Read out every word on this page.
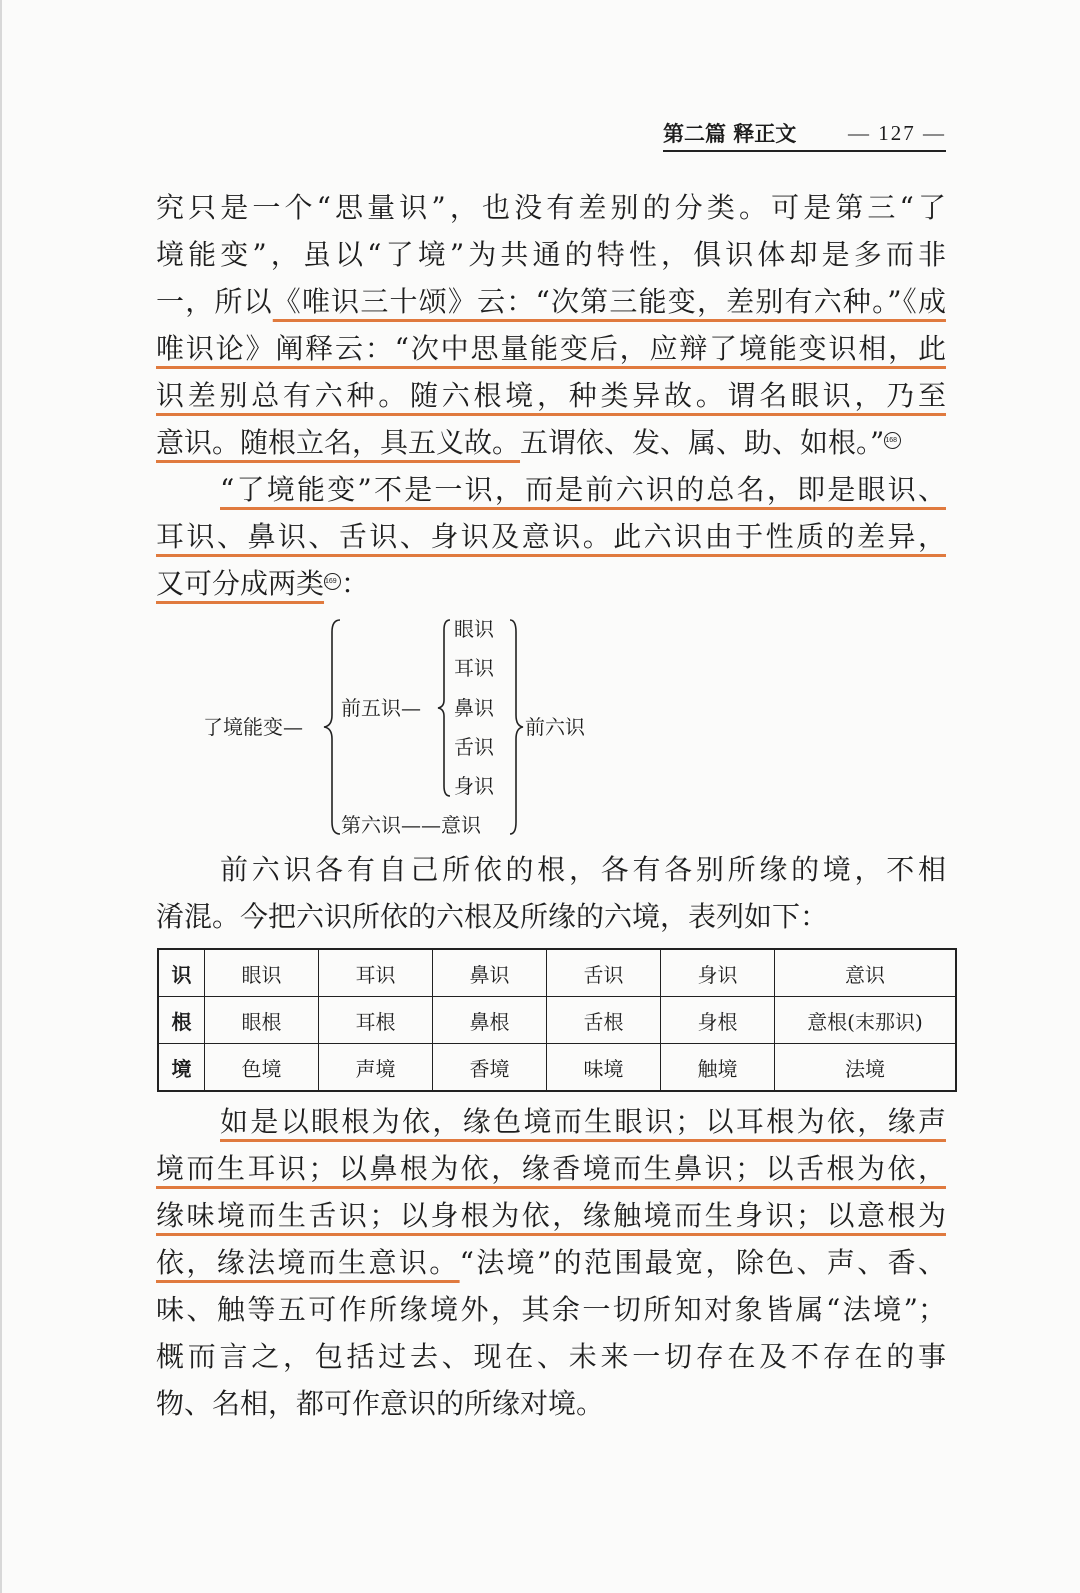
第二篇 释正文 — 127 —
究只是一个“思量识”，也没有差别的分类。可是第三“了
境能变”，虽以“了境”为共通的特性，俱识体却是多而非
一，所以《唯识三十颂》云：“次第三能变，差别有六种。”《成
唯识论》阐释云：“次中思量能变后，应辩了境能变识相，此
识差别总有六种。随六根境，种类异故。谓名眼识，乃至
意识。随根立名，具五义故。五谓依、发、属、助、如根。”168
“了境能变”不是一识，而是前六识的总名，即是眼识、
耳识、鼻识、舌识、身识及意识。此六识由于性质的差异，
又可分成两类169 ：
前六识各有自己所依的根，各有各别所缘的境，不相
淆混。今把六识所依的六根及所缘的六境，表列如下：
如是以眼根为依，缘色境而生眼识；以耳根为依，缘声
境而生耳识；以鼻根为依，缘香境而生鼻识；以舌根为依，
缘味境而生舌识；以身根为依，缘触境而生身识；以意根为
依，缘法境而生意识。“法境”的范围最宽，除色、声、香、
味、触等五可作所缘境外，其余一切所知对象皆属“法境”；
概而言之，包括过去、现在、未来一切存在及不存在的事
物、名相，都可作意识的所缘对境。
了境能变—
前五识—
第六识——意识
眼识
耳识
鼻识
舌识
身识
前六识
识	眼识	耳识	鼻识	舌识	身识	意识
根	眼根	耳根	鼻根	舌根	身根	意根(末那识)
境	色境	声境	香境	味境	触境	法境
